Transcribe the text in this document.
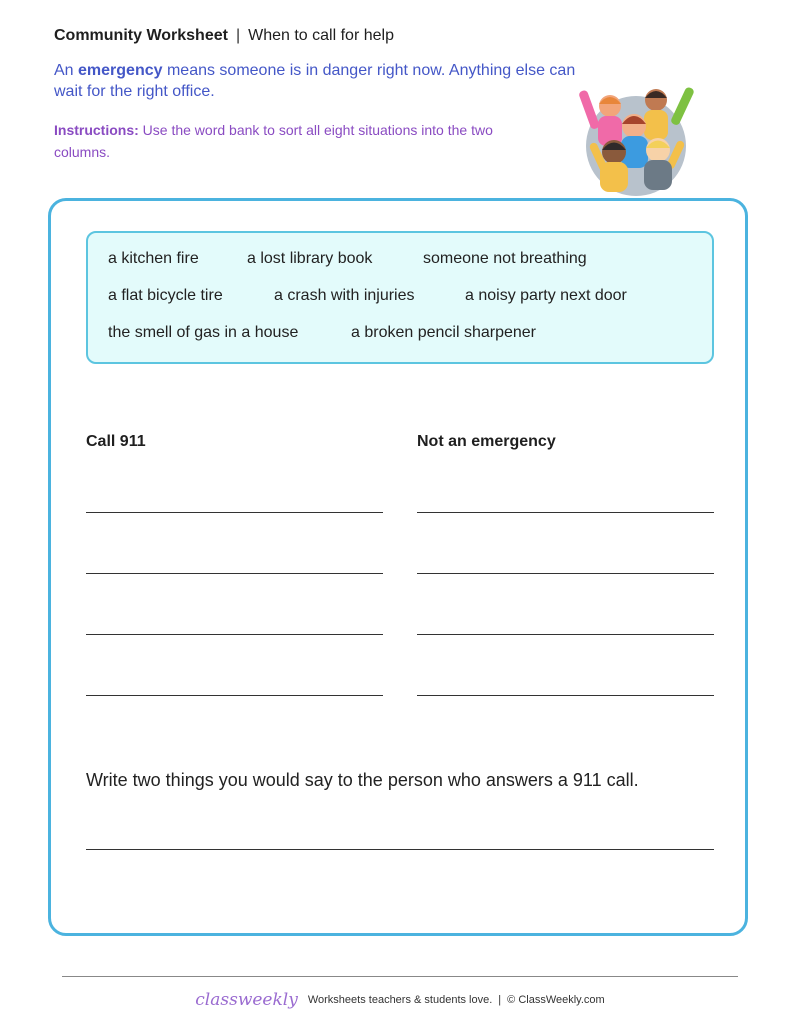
Community Worksheet | When to call for help
An emergency means someone is in danger right now. Anything else can wait for the right office.
Instructions: Use the word bank to sort all eight situations into the two columns.
a kitchen fire	a lost library book	someone not breathing
a flat bicycle tire	a crash with injuries	a noisy party next door
the smell of gas in a house	a broken pencil sharpener
Call 911	Not an emergency
Write two things you would say to the person who answers a 911 call.
classweekly Worksheets teachers & students love. | © ClassWeekly.com
